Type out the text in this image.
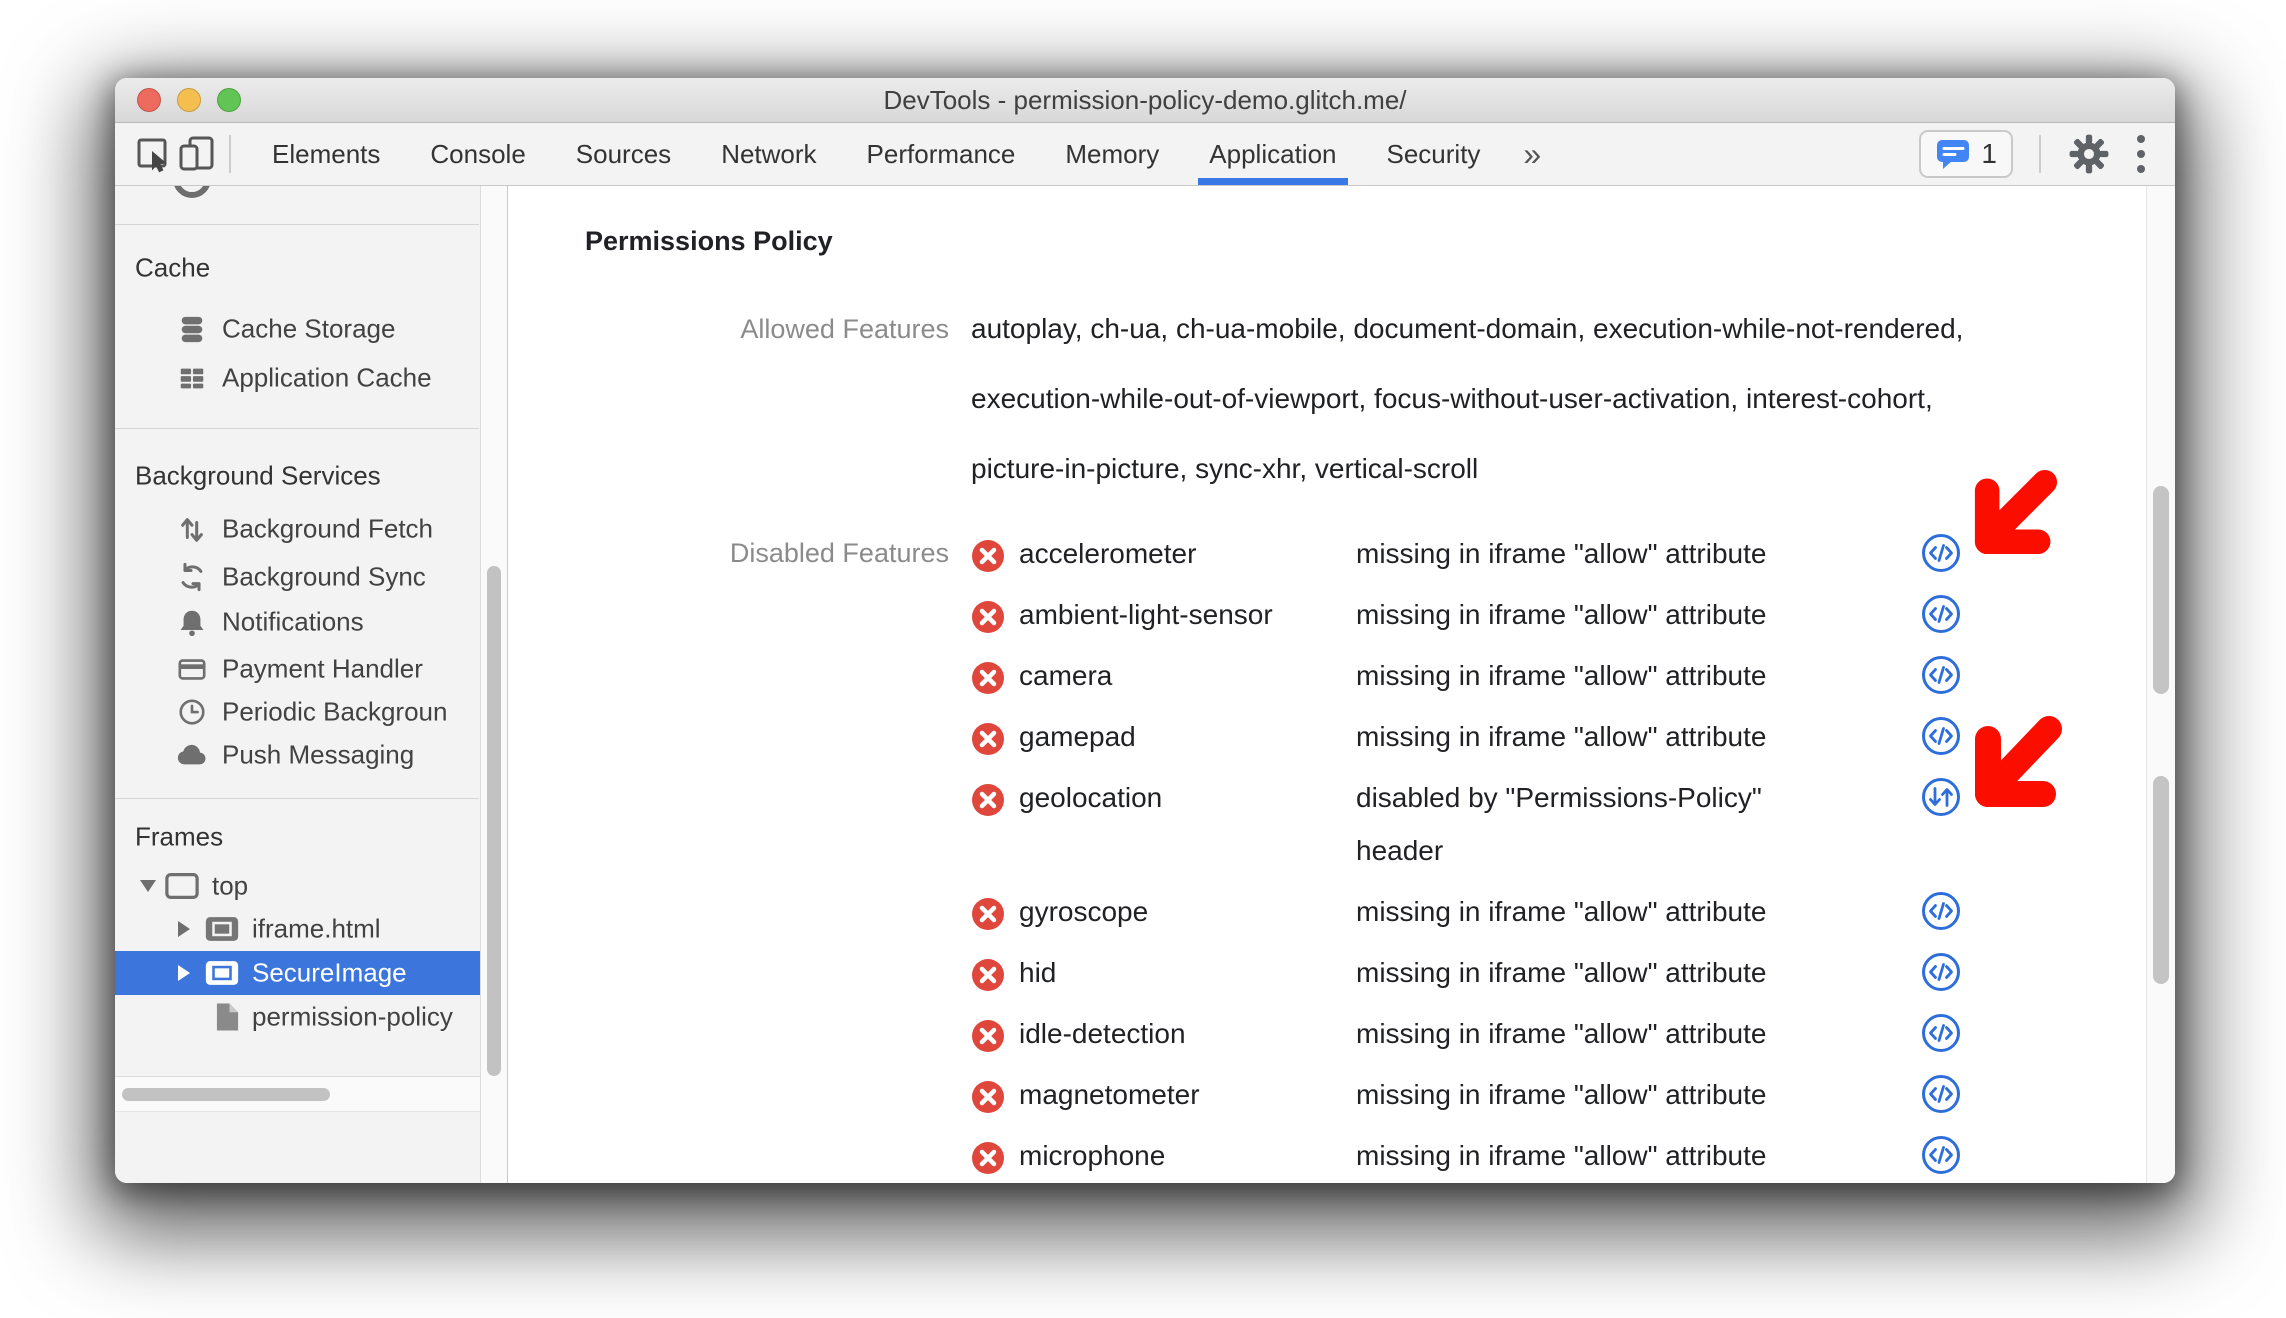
DevTools - permission-policy-demo.glitch.me/
Elements Console Sources Network Performance Memory Application Security	»	1
Cache
Cache Storage
Application Cache
Background Services
Background Fetch
Background Sync
Notifications
Payment Handler
Periodic Backgroun
Push Messaging
Frames
top
iframe.html
SecureImage
permission-policy
Permissions Policy
Allowed Features autoplay, ch-ua, ch-ua-mobile, document-domain, execution-while-not-rendered,
execution-while-out-of-viewport, focus-without-user-activation, interest-cohort,
picture-in-picture, sync-xhr, vertical-scroll
Disabled Features	accelerometer	missing in iframe "allow" attribute
ambient-light-sensor	missing in iframe "allow" attribute
camera	missing in iframe "allow" attribute
gamepad	missing in iframe "allow" attribute
geolocation	disabled by "Permissions-Policy" header
gyroscope	missing in iframe "allow" attribute
hid	missing in iframe "allow" attribute
idle-detection	missing in iframe "allow" attribute
magnetometer	missing in iframe "allow" attribute
microphone	missing in iframe "allow" attribute
